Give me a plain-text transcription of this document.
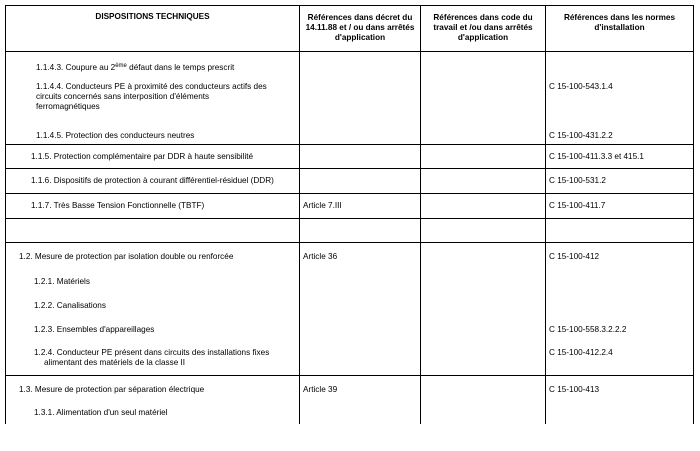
DISPOSITIONS TECHNIQUES	Références dans décret du 14.11.88 et / ou dans arrêtés d'application	Références dans code du travail et /ou dans arrêtés d'application	Références dans les normes d'installation
1.1.4.3. Coupure au 2ème défaut dans le temps prescrit			

1.1.4.4. Conducteurs PE à proximité des conducteurs actifs des
circuits concernés sans interposition d'éléments
ferromagnétiques			C 15-100-543.1.4
1.1.4.5. Protection des conducteurs neutres			C 15-100-431.2.2
1.1.5. Protection complémentaire par DDR à haute sensibilité			C 15-100-411.3.3 et 415.1
1.1.6. Dispositifs de protection à courant différentiel-résiduel (DDR)			C 15-100-531.2
1.1.7. Très Basse Tension Fonctionnelle (TBTF)	Article 7.III		C 15-100-411.7

1.2. Mesure de protection par isolation double ou renforcée	Article 36		C 15-100-412
1.2.1. Matériels			
1.2.2. Canalisations			
1.2.3. Ensembles d'appareillages			C 15-100-558.3.2.2.2

1.2.4. Conducteur PE présent dans circuits des installations fixes
alimentant des matériels de la classe II			C 15-100-412.2.4
1.3. Mesure de protection par séparation électrique	Article 39		C 15-100-413
1.3.1. Alimentation d'un seul matériel			
